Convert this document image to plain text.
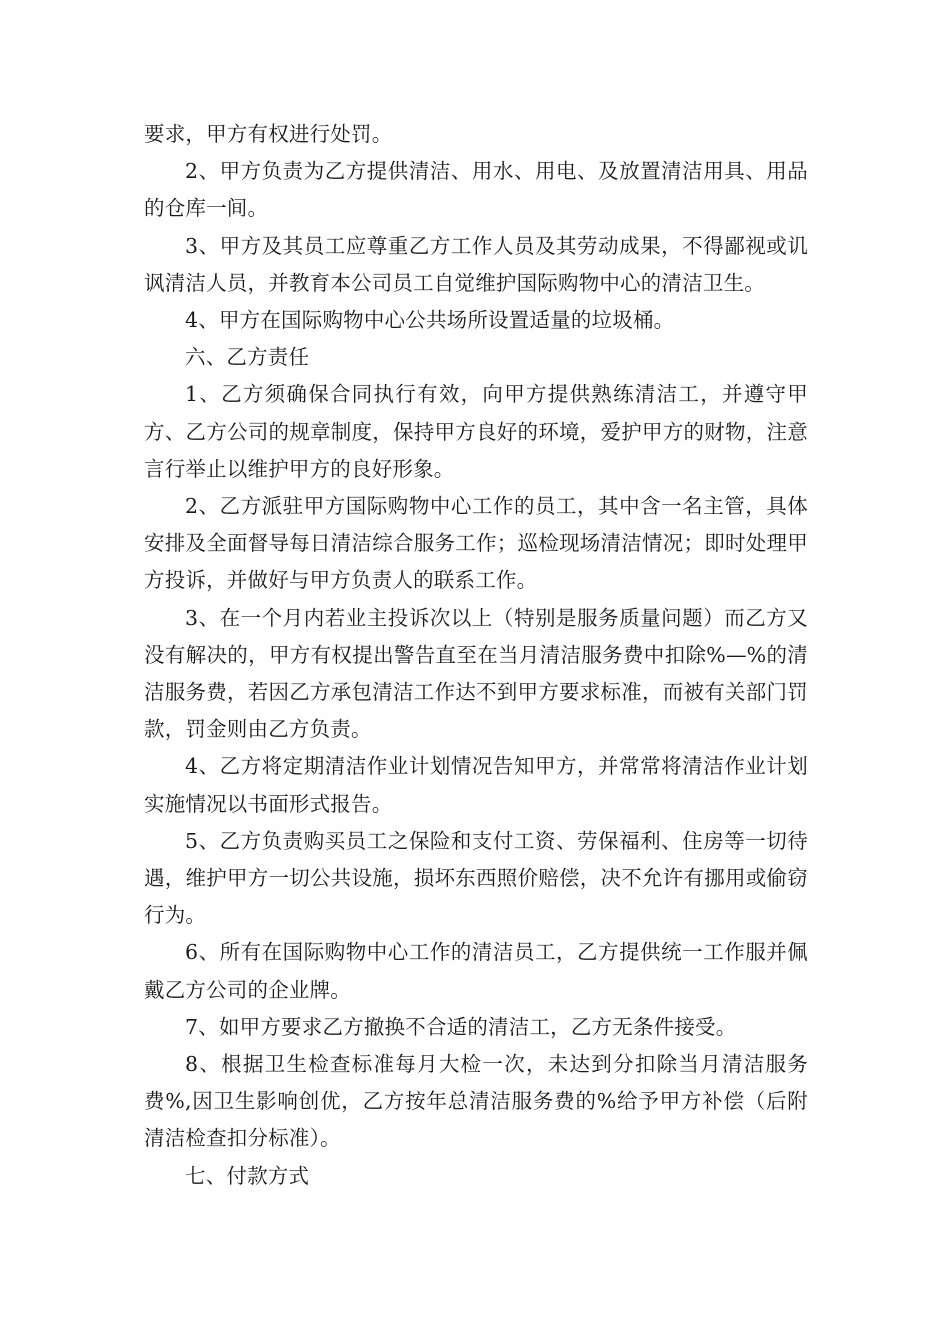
要求，甲方有权进行处罚。

2、甲方负责为乙方提供清洁、用水、用电、及放置清洁用具、用品的仓库一间。

3、甲方及其员工应尊重乙方工作人员及其劳动成果，不得鄙视或讥讽清洁人员，并教育本公司员工自觉维护国际购物中心的清洁卫生。

4、甲方在国际购物中心公共场所设置适量的垃圾桶。

六、乙方责任

1、乙方须确保合同执行有效，向甲方提供熟练清洁工，并遵守甲方、乙方公司的规章制度，保持甲方良好的环境，爱护甲方的财物，注意言行举止以维护甲方的良好形象。

2、乙方派驻甲方国际购物中心工作的员工，其中含一名主管，具体安排及全面督导每日清洁综合服务工作；巡检现场清洁情况；即时处理甲方投诉，并做好与甲方负责人的联系工作。

3、在一个月内若业主投诉次以上（特别是服务质量问题）而乙方又没有解决的，甲方有权提出警告直至在当月清洁服务费中扣除%—%的清洁服务费，若因乙方承包清洁工作达不到甲方要求标准，而被有关部门罚款，罚金则由乙方负责。

4、乙方将定期清洁作业计划情况告知甲方，并常常将清洁作业计划实施情况以书面形式报告。

5、乙方负责购买员工之保险和支付工资、劳保福利、住房等一切待遇，维护甲方一切公共设施，损坏东西照价赔偿，决不允许有挪用或偷窃行为。

6、所有在国际购物中心工作的清洁员工，乙方提供统一工作服并佩戴乙方公司的企业牌。

7、如甲方要求乙方撤换不合适的清洁工，乙方无条件接受。

8、根据卫生检查标准每月大检一次，未达到分扣除当月清洁服务费%,因卫生影响创优，乙方按年总清洁服务费的%给予甲方补偿（后附清洁检查扣分标准）。

七、付款方式
